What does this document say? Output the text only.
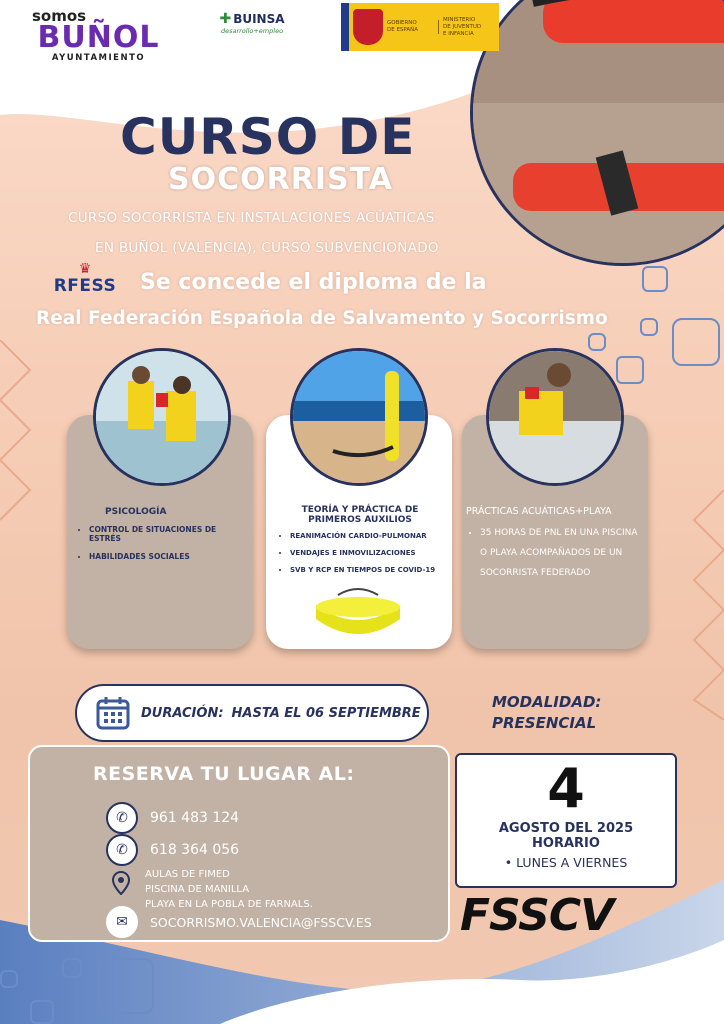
somos
BUÑOL
AYUNTAMIENTO
✚ BUINSA
desarrollo+empleo
GOBIERNO
DE ESPAÑA
MINISTERIO
DE JUVENTUD
E INFANCIA
CURSO DE
SOCORRISTA
CURSO SOCORRISTA EN INSTALACIONES ACÚATICAS
EN BUÑOL (VALENCIA), CURSO SUBVENCIONADO
♛
RFESS Se concede el diploma de la
Real Federación Española de Salvamento y Socorrismo
PSICOLOGÍA
• CONTROL DE SITUACIONES DE ESTRÉS
• HABILIDADES SOCIALES
TEORÍA Y PRÁCTICA DE PRIMEROS AUXILIOS
• REANIMACIÓN CARDIO-PULMONAR
• VENDAJES E INMOVILIZACIONES
• SVB Y RCP EN TIEMPOS DE COVID-19
PRÁCTICAS ACUÁTICAS+PLAYA
• 35 HORAS DE PNL EN UNA PISCINA O PLAYA ACOMPAÑADOS DE UN SOCORRISTA FEDERADO
DURACIÓN: HASTA EL 06 SEPTIEMBRE
MODALIDAD:
PRESENCIAL
RESERVA TU LUGAR AL:
✆	961 483 124
✆	618 364 056
AULAS DE FIMED
PISCINA DE MANILLA
PLAYA EN LA POBLA DE FARNALS.
✉	SOCORRISMO.VALENCIA@FSSCV.ES
4
AGOSTO DEL 2025
HORARIO
• LUNES A VIERNES
FSSCV
